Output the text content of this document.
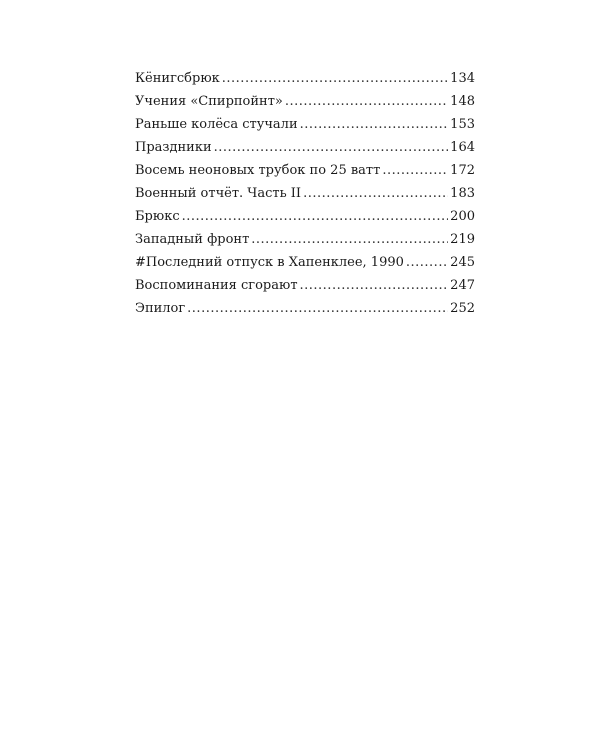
Кёнигсбрюк .....	134
Учения «Спирпойнт» .....	148
Раньше колёса стучали .....	153
Праздники .....	164
Восемь неоновых трубок по 25 ватт .....	172
Военный отчёт. Часть II .....	183
Брюкс .....	200
Западный фронт .....	219
#Последний отпуск в Хапенклее, 1990 .....	245
Воспоминания сгорают .....	247
Эпилог .....	252
